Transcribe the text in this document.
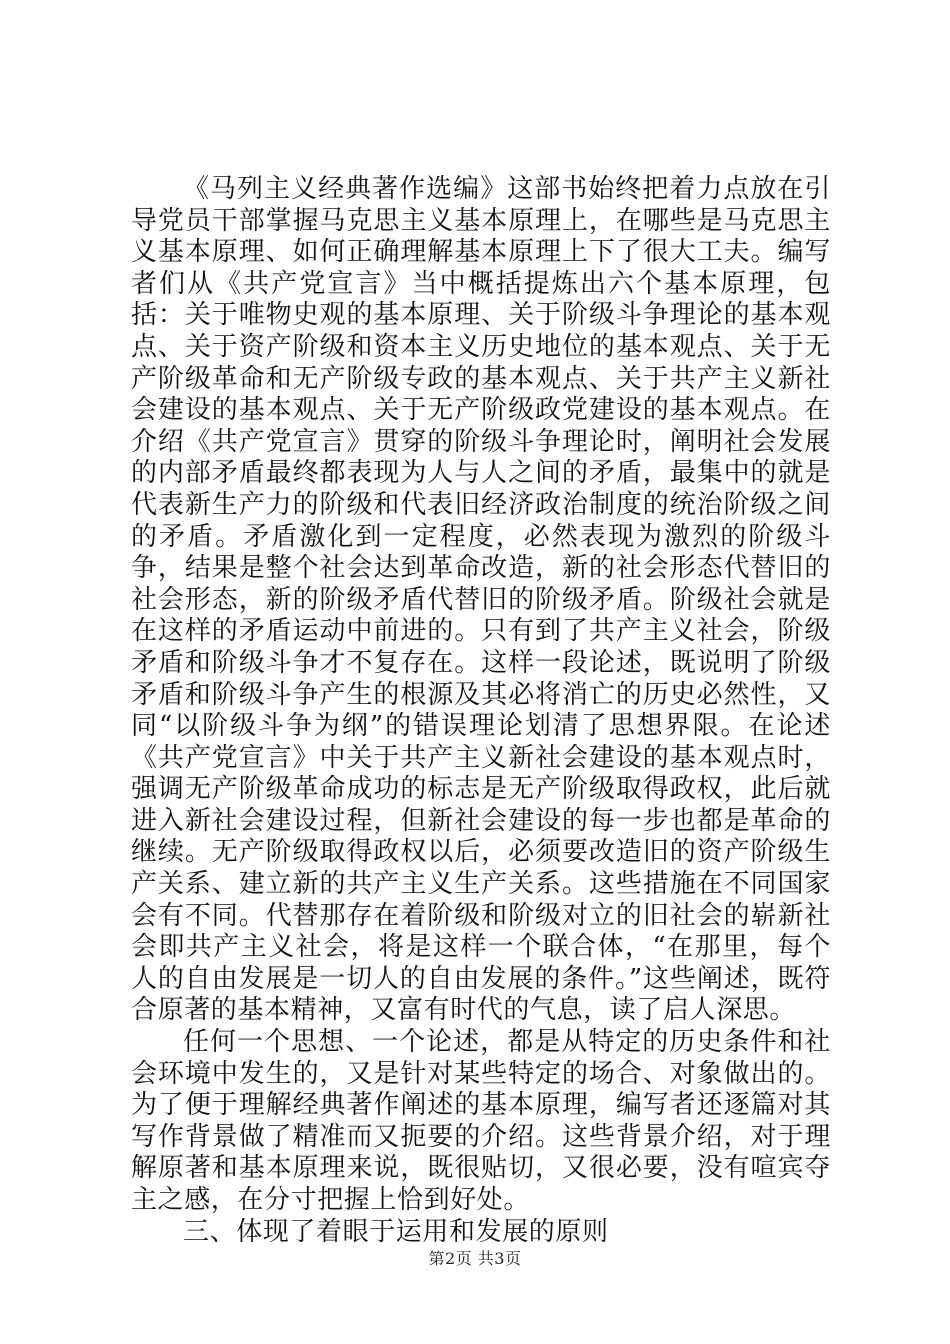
《马列主义经典著作选编》这部书始终把着力点放在引导党员干部掌握马克思主义基本原理上，在哪些是马克思主义基本原理、如何正确理解基本原理上下了很大工夫。编写者们从《共产党宣言》当中概括提炼出六个基本原理，包括：关于唯物史观的基本原理、关于阶级斗争理论的基本观点、关于资产阶级和资本主义历史地位的基本观点、关于无产阶级革命和无产阶级专政的基本观点、关于共产主义新社会建设的基本观点、关于无产阶级政党建设的基本观点。在介绍《共产党宣言》贯穿的阶级斗争理论时，阐明社会发展的内部矛盾最终都表现为人与人之间的矛盾，最集中的就是代表新生产力的阶级和代表旧经济政治制度的统治阶级之间的矛盾。矛盾激化到一定程度，必然表现为激烈的阶级斗争，结果是整个社会达到革命改造，新的社会形态代替旧的社会形态，新的阶级矛盾代替旧的阶级矛盾。阶级社会就是在这样的矛盾运动中前进的。只有到了共产主义社会，阶级矛盾和阶级斗争才不复存在。这样一段论述，既说明了阶级矛盾和阶级斗争产生的根源及其必将消亡的历史必然性，又同“以阶级斗争为纲”的错误理论划清了思想界限。在论述《共产党宣言》中关于共产主义新社会建设的基本观点时，强调无产阶级革命成功的标志是无产阶级取得政权，此后就进入新社会建设过程，但新社会建设的每一步也都是革命的继续。无产阶级取得政权以后，必须要改造旧的资产阶级生产关系、建立新的共产主义生产关系。这些措施在不同国家会有不同。代替那存在着阶级和阶级对立的旧社会的崭新社会即共产主义社会，将是这样一个联合体，“在那里，每个人的自由发展是一切人的自由发展的条件。”这些阐述，既符合原著的基本精神，又富有时代的气息，读了启人深思。

任何一个思想、一个论述，都是从特定的历史条件和社会环境中发生的，又是针对某些特定的场合、对象做出的。为了便于理解经典著作阐述的基本原理，编写者还逐篇对其写作背景做了精准而又扼要的介绍。这些背景介绍，对于理解原著和基本原理来说，既很贴切，又很必要，没有喧宾夺主之感，在分寸把握上恰到好处。

三、体现了着眼于运用和发展的原则

第2页 共3页
